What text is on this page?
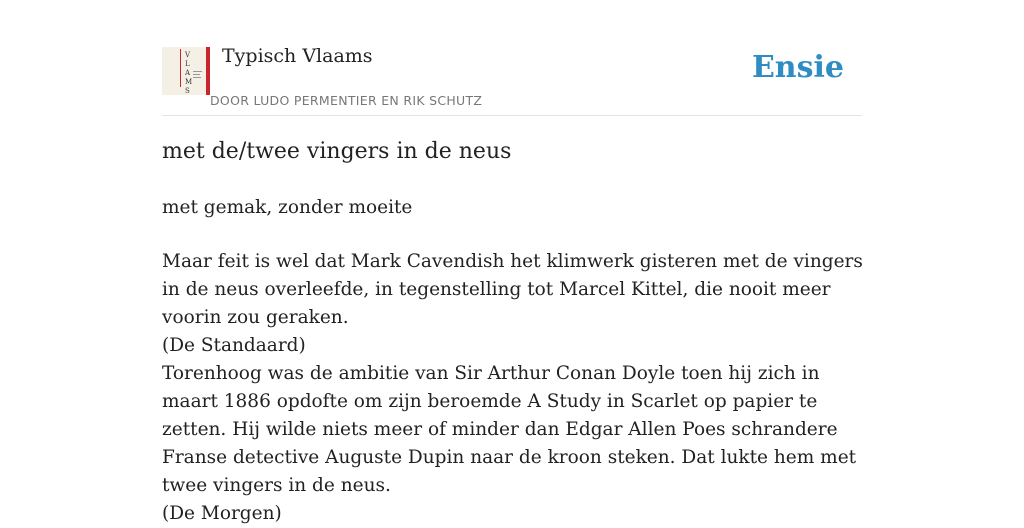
V
L
A
M
S
Typisch Vlaams
DOOR LUDO PERMENTIER EN RIK SCHUTZ
Ensie
met de/twee vingers in de neus

met gemak, zonder moeite

Maar feit is wel dat Mark Cavendish het klimwerk gisteren met de vingers in de neus overleefde, in tegenstelling tot Marcel Kittel, die nooit meer voorin zou geraken.

(De Standaard)

Torenhoog was de ambitie van Sir Arthur Conan Doyle toen hij zich in maart 1886 opdofte om zijn beroemde A Study in Scarlet op papier te zetten. Hij wilde niets meer of minder dan Edgar Allen Poes schrandere Franse detective Auguste Dupin naar de kroon steken. Dat lukte hem met twee vingers in de neus.

(De Morgen)
